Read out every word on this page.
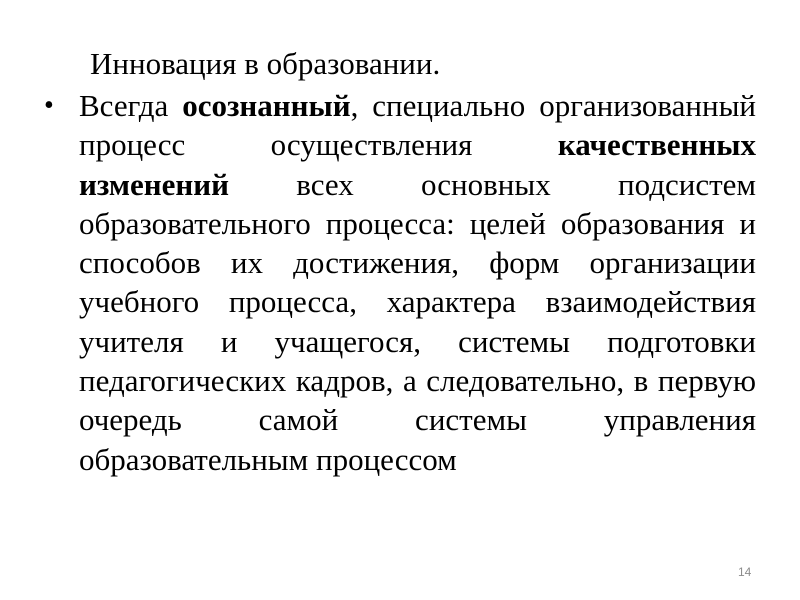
Инновация в образовании.
• Всегда осознанный, специально организованный процесс осуществления качественных изменений всех основных подсистем образовательного процесса: целей образования и способов их достижения, форм организации учебного процесса, характера взаимодействия учителя и учащегося, системы подготовки педагогических кадров, а следовательно, в первую очередь самой системы управления образовательным процессом
14
